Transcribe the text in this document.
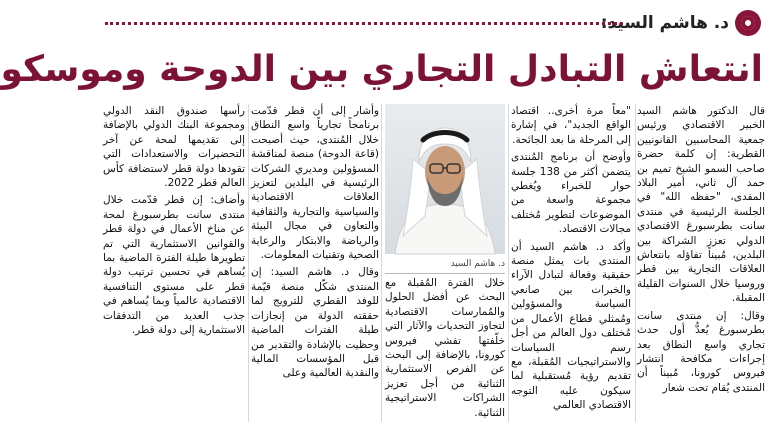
د. هاشم السيد:
انتعاش التبادل التجاري بين الدوحة وموسكو

قال الدكتور هاشم السيد الخبير الاقتصادي ورئيس جمعية المحاسبين القانونيين القطرية: إن كلمة حضرة صاحب السمو الشيخ تميم بن حمد آل ثاني، أمير البلاد المفدى، "حفظه الله" في الجلسة الرئيسية في منتدى سانت بطرسبورغ الاقتصادي الدولي تعزز الشراكة بين البلدين، مُبيناً تفاؤله بانتعاش العلاقات التجارية بين قطر وروسيا خلال السنوات القليلة المقبلة.

وقال: إن منتدى سانت بطرسبورغ يُعدُّ أول حدث تجاري واسع النطاق بعد إجراءات مكافحة انتشار فيروس كورونا، مُبيناً أن المنتدى يُقام تحت شعار

"معاً مرة أخرى.. اقتصاد الواقع الجديد"، في إشارة إلى المرحلة ما بعد الجائحة.

وأوضح أن برنامج المُنتدى يتضمن أكثر من 138 جلسة حوار للخبراء ويُغطي مجموعة واسعة من الموضوعات لتطوير مُختلف مجالات الاقتصاد.

وأكد د. هاشم السيد أن المنتدى بات يمثل منصة حقيقية وفعالة لتبادل الآراء والخبرات بين صانعي السياسة والمسؤولين ومُمثلي قطاع الأعمال من مُختلف دول العالم من أجل رسم السياسات والاستراتيجيات المُقبلة، مع تقديم رؤية مُستقبلية لما سيكون عليه التوجه الاقتصادي العالمي

د. هاشم السيد

خلال الفترة المُقبلة مع البحث عن أفضل الحلول والمُمارسات الاقتصادية لتجاوز التحديات والآثار التي خلّفتها تفشي فيروس كورونا، بالإضافة إلى البحث عن الفرص الاستثمارية الثنائية من أجل تعزيز الشراكات الاستراتيجية الثنائية.

وأشار إلى أن قطر قدّمت برنامجاً تجارياً واسع النطاق خلال المُنتدى، حيث أصبحت (قاعة الدوحة) منصة لمناقشة المسؤولين ومديري الشركات الرئيسية في البلدين لتعزيز العلاقات الاقتصادية والسياسية والتجارية والثقافية والتعاون في مجال البيئة والرياضة والابتكار والرعاية الصحية وتقنيات المعلومات.

وقال د. هاشم السيد: إن المنتدى شكّل منصة قيّمة للوفد القطري للترويج لما حققته الدولة من إنجازات طيلة الفترات الماضية وحظيت بالإشادة والتقدير من قبل المؤسسات المالية والنقدية العالمية وعلى

رأسها صندوق النقد الدولي ومجموعة البنك الدولي بالإضافة إلى تقديمها لمحة عن آخر التحضيرات والاستعدادات التي تقودها دولة قطر لاستضافة كأس العالم قطر 2022.

وأضاف: إن قطر قدّمت خلال منتدى سانت بطرسبورغ لمحة عن مناخ الأعمال في دولة قطر والقوانين الاستثمارية التي تم تطويرها طيلة الفترة الماضية بما يُساهم في تحسين ترتيب دولة قطر على مستوى التنافسية الاقتصادية عالمياً وبما يُساهم في جذب العديد من التدفقات الاستثمارية إلى دولة قطر.
